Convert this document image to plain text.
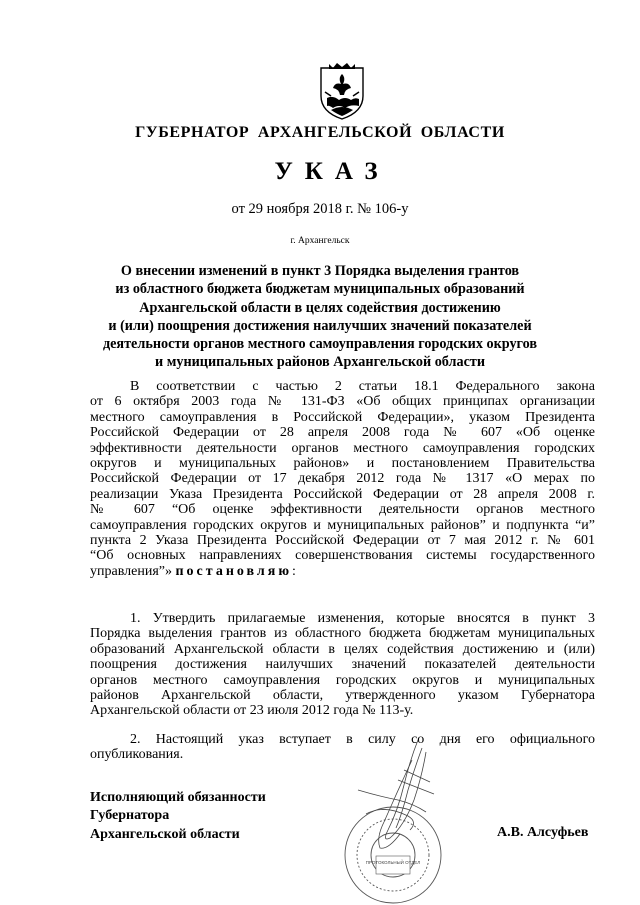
ГУБЕРНАТОР АРХАНГЕЛЬСКОЙ ОБЛАСТИ
УКАЗ
от 29 ноября 2018 г. № 106-у
г. Архангельск
О внесении изменений в пункт 3 Порядка выделения грантов
из областного бюджета бюджетам муниципальных образований
Архангельской области в целях содействия достижению
и (или) поощрения достижения наилучших значений показателей
деятельности органов местного самоуправления городских округов
и муниципальных районов Архангельской области
В соответствии с частью 2 статьи 18.1 Федерального закона
от 6 октября 2003 года № 131-ФЗ «Об общих принципах организации
местного самоуправления в Российской Федерации», указом Президента
Российской Федерации от 28 апреля 2008 года № 607 «Об оценке
эффективности деятельности органов местного самоуправления городских
округов и муниципальных районов» и постановлением Правительства
Российской Федерации от 17 декабря 2012 года № 1317 «О мерах по
реализации Указа Президента Российской Федерации от 28 апреля 2008 г.
№ 607 “Об оценке эффективности деятельности органов местного
самоуправления городских округов и муниципальных районов” и подпункта “и”
пункта 2 Указа Президента Российской Федерации от 7 мая 2012 г. № 601
“Об основных направлениях совершенствования системы государственного
управления”» постановляю:
1. Утвердить прилагаемые изменения, которые вносятся в пункт 3
Порядка выделения грантов из областного бюджета бюджетам муниципальных
образований Архангельской области в целях содействия достижению и (или)
поощрения достижения наилучших значений показателей деятельности
органов местного самоуправления городских округов и муниципальных
районов Архангельской области, утвержденного указом Губернатора
Архангельской области от 23 июля 2012 года № 113-у.
2. Настоящий указ вступает в силу со дня его официального
опубликования.
Исполняющий обязанности
Губернатора
Архангельской области	А.В. Алсуфьев
ПРОТОКОЛЬНЫЙ ОТДЕЛ
